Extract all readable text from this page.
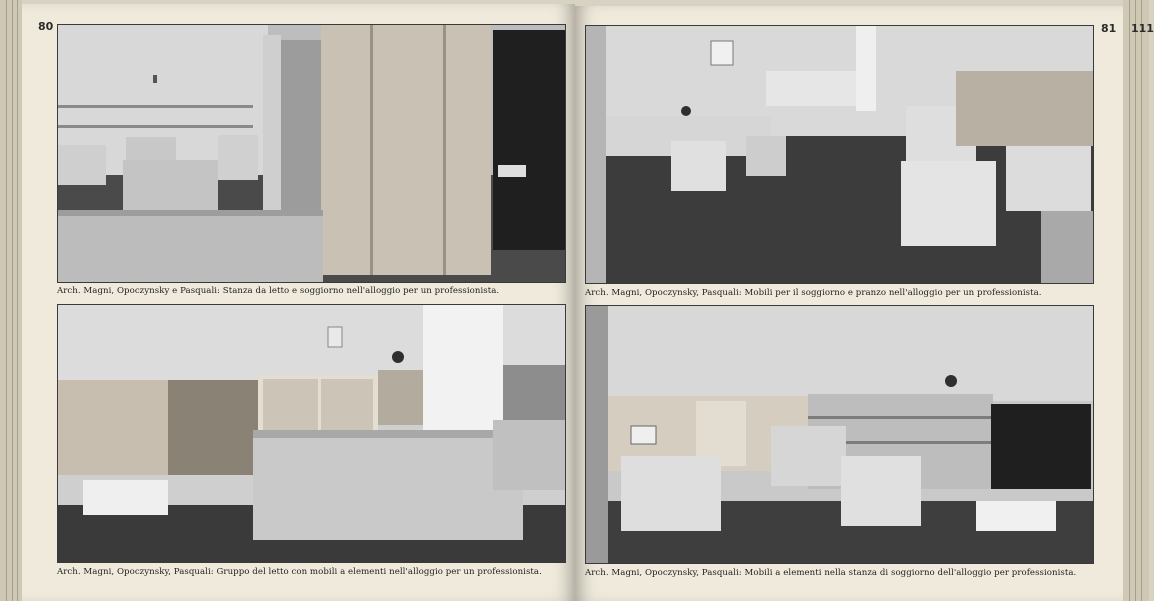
80	81 111
Arch. Magni, Opoczynsky e Pasquali: Stanza da letto e soggiorno nell'alloggio per un professionista.	Arch. Magni, Opoczynsky, Pasquali: Mobili per il soggiorno e pranzo nell'alloggio per un professionista.
Arch. Magni, Opoczynsky, Pasquali: Gruppo del letto con mobili a elementi nell'alloggio per un professionista.	Arch. Magni, Opoczynsky, Pasquali: Mobili a elementi nella stanza di soggiorno dell'alloggio per professionista.
